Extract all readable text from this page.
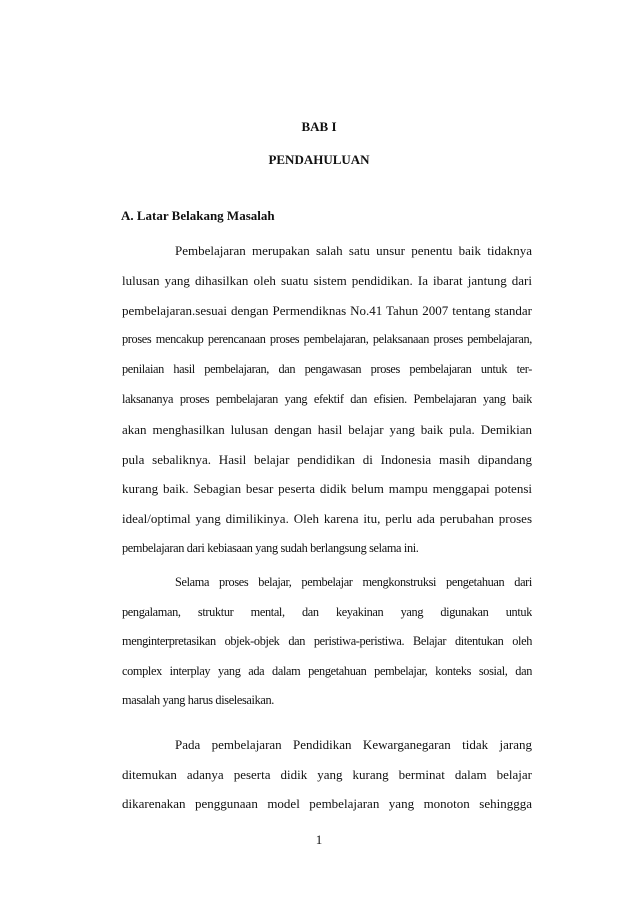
BAB I
PENDAHULUAN
A. Latar Belakang Masalah
Pembelajaran merupakan salah satu unsur penentu baik tidaknya
lulusan yang dihasilkan oleh suatu sistem pendidikan. Ia ibarat jantung dari
pembelajaran.sesuai dengan Permendiknas No.41 Tahun 2007 tentang standar
proses mencakup perencanaan proses pembelajaran, pelaksanaan proses pembelajaran,
penilaian hasil pembelajaran, dan pengawasan proses pembelajaran untuk ter-
laksananya proses pembelajaran yang efektif dan efisien. Pembelajaran yang baik
akan menghasilkan lulusan dengan hasil belajar yang baik pula. Demikian
pula sebaliknya. Hasil belajar pendidikan di Indonesia masih dipandang
kurang baik. Sebagian besar peserta didik belum mampu menggapai potensi
ideal/optimal yang dimilikinya. Oleh karena itu, perlu ada perubahan proses
pembelajaran dari kebiasaan yang sudah berlangsung selama ini.
Selama proses belajar, pembelajar mengkonstruksi pengetahuan dari
pengalaman, struktur mental, dan keyakinan yang digunakan untuk
menginterpretasikan objek-objek dan peristiwa-peristiwa. Belajar ditentukan oleh
complex interplay yang ada dalam pengetahuan pembelajar, konteks sosial, dan
masalah yang harus diselesaikan.
Pada pembelajaran Pendidikan Kewarganegaran tidak jarang
ditemukan adanya peserta didik yang kurang berminat dalam belajar
dikarenakan penggunaan model pembelajaran yang monoton sehinggga
1
